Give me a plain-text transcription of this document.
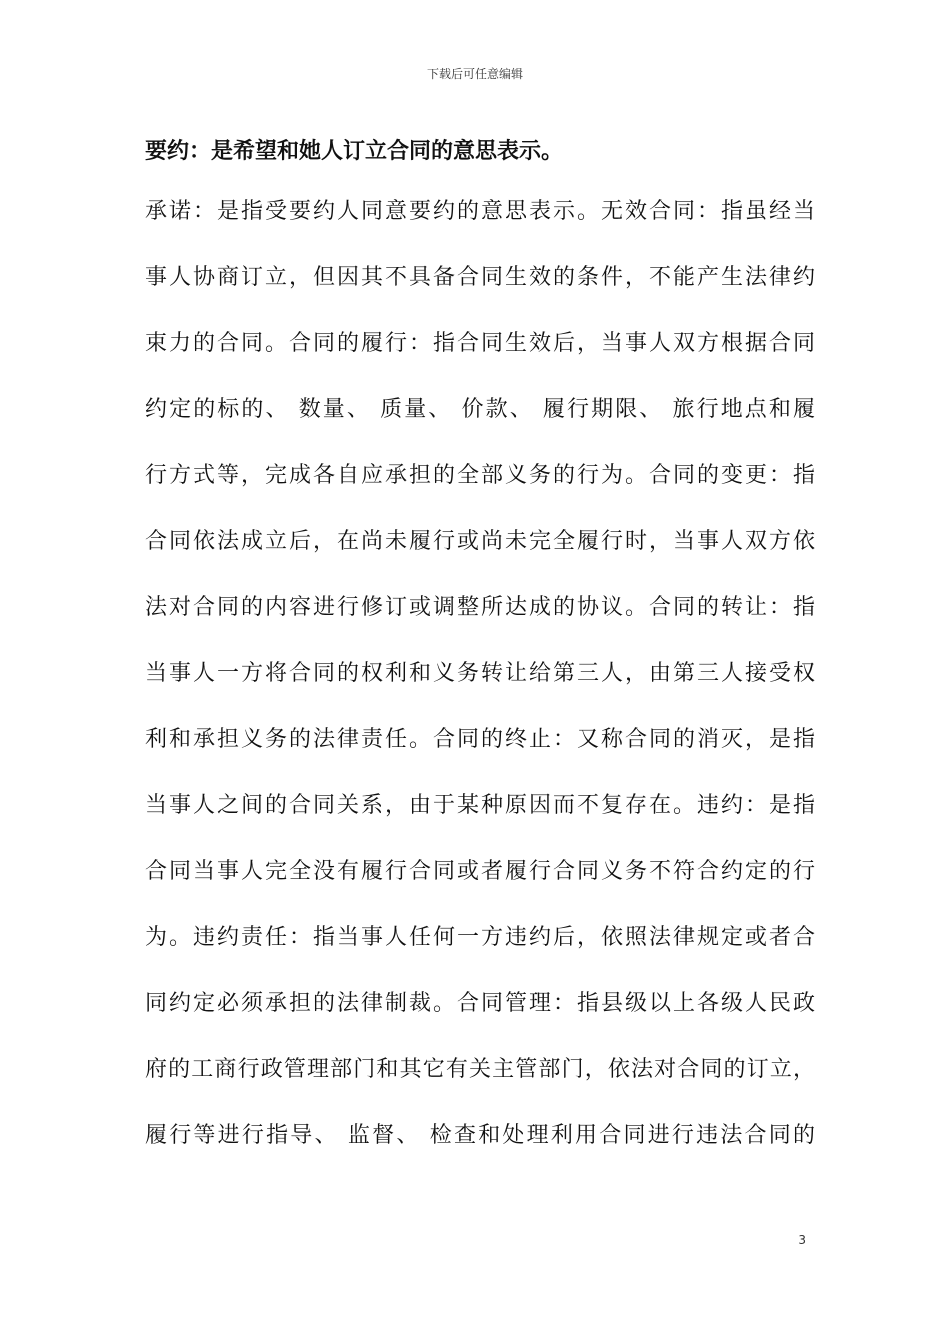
下载后可任意编辑
要约：是希望和她人订立合同的意思表示。
承诺：是指受要约人同意要约的意思表示。无效合同：指虽经当
事人协商订立，但因其不具备合同生效的条件，不能产生法律约
束力的合同。合同的履行：指合同生效后，当事人双方根据合同
约定的标的、 数量、 质量、 价款、 履行期限、 旅行地点和履
行方式等，完成各自应承担的全部义务的行为。合同的变更：指
合同依法成立后，在尚未履行或尚未完全履行时，当事人双方依
法对合同的内容进行修订或调整所达成的协议。合同的转让：指
当事人一方将合同的权利和义务转让给第三人，由第三人接受权
利和承担义务的法律责任。合同的终止：又称合同的消灭，是指
当事人之间的合同关系，由于某种原因而不复存在。违约：是指
合同当事人完全没有履行合同或者履行合同义务不符合约定的行
为。违约责任：指当事人任何一方违约后，依照法律规定或者合
同约定必须承担的法律制裁。合同管理：指县级以上各级人民政
府的工商行政管理部门和其它有关主管部门，依法对合同的订立，
履行等进行指导、 监督、 检查和处理利用合同进行违法合同的
3
